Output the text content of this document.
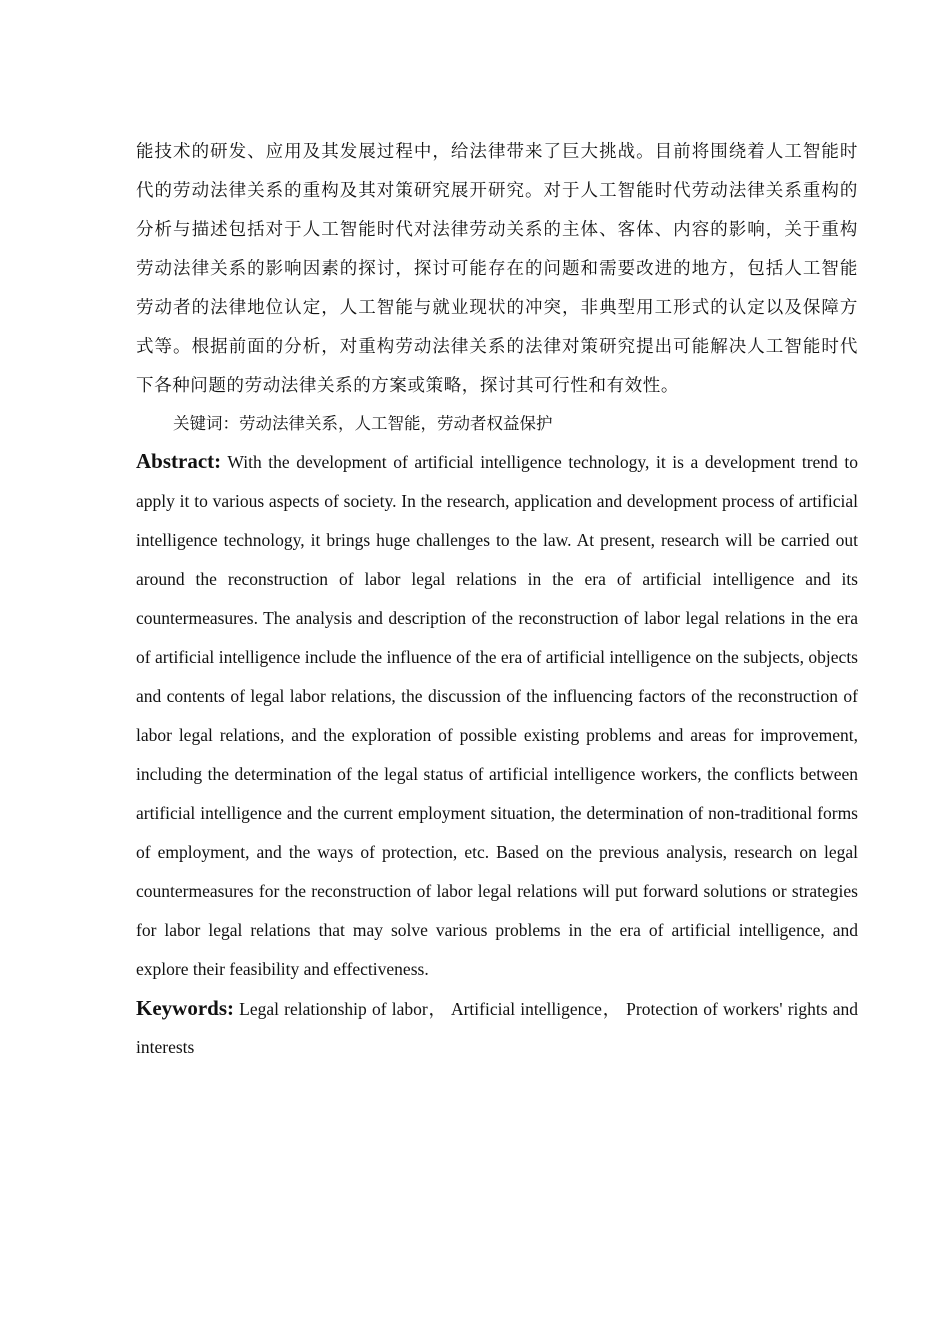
能技术的研发、应用及其发展过程中，给法律带来了巨大挑战。目前将围绕着人工智能时代的劳动法律关系的重构及其对策研究展开研究。对于人工智能时代劳动法律关系重构的分析与描述包括对于人工智能时代对法律劳动关系的主体、客体、内容的影响，关于重构劳动法律关系的影响因素的探讨，探讨可能存在的问题和需要改进的地方，包括人工智能劳动者的法律地位认定，人工智能与就业现状的冲突，非典型用工形式的认定以及保障方式等。根据前面的分析，对重构劳动法律关系的法律对策研究提出可能解决人工智能时代下各种问题的劳动法律关系的方案或策略，探讨其可行性和有效性。

关键词：劳动法律关系，人工智能，劳动者权益保护

Abstract: With the development of artificial intelligence technology, it is a development trend to apply it to various aspects of society. In the research, application and development process of artificial intelligence technology, it brings huge challenges to the law. At present, research will be carried out around the reconstruction of labor legal relations in the era of artificial intelligence and its countermeasures. The analysis and description of the reconstruction of labor legal relations in the era of artificial intelligence include the influence of the era of artificial intelligence on the subjects, objects and contents of legal labor relations, the discussion of the influencing factors of the reconstruction of labor legal relations, and the exploration of possible existing problems and areas for improvement, including the determination of the legal status of artificial intelligence workers, the conflicts between artificial intelligence and the current employment situation, the determination of non-traditional forms of employment, and the ways of protection, etc. Based on the previous analysis, research on legal countermeasures for the reconstruction of labor legal relations will put forward solutions or strategies for labor legal relations that may solve various problems in the era of artificial intelligence, and explore their feasibility and effectiveness.

Keywords: Legal relationship of labor， Artificial intelligence， Protection of workers' rights and interests
